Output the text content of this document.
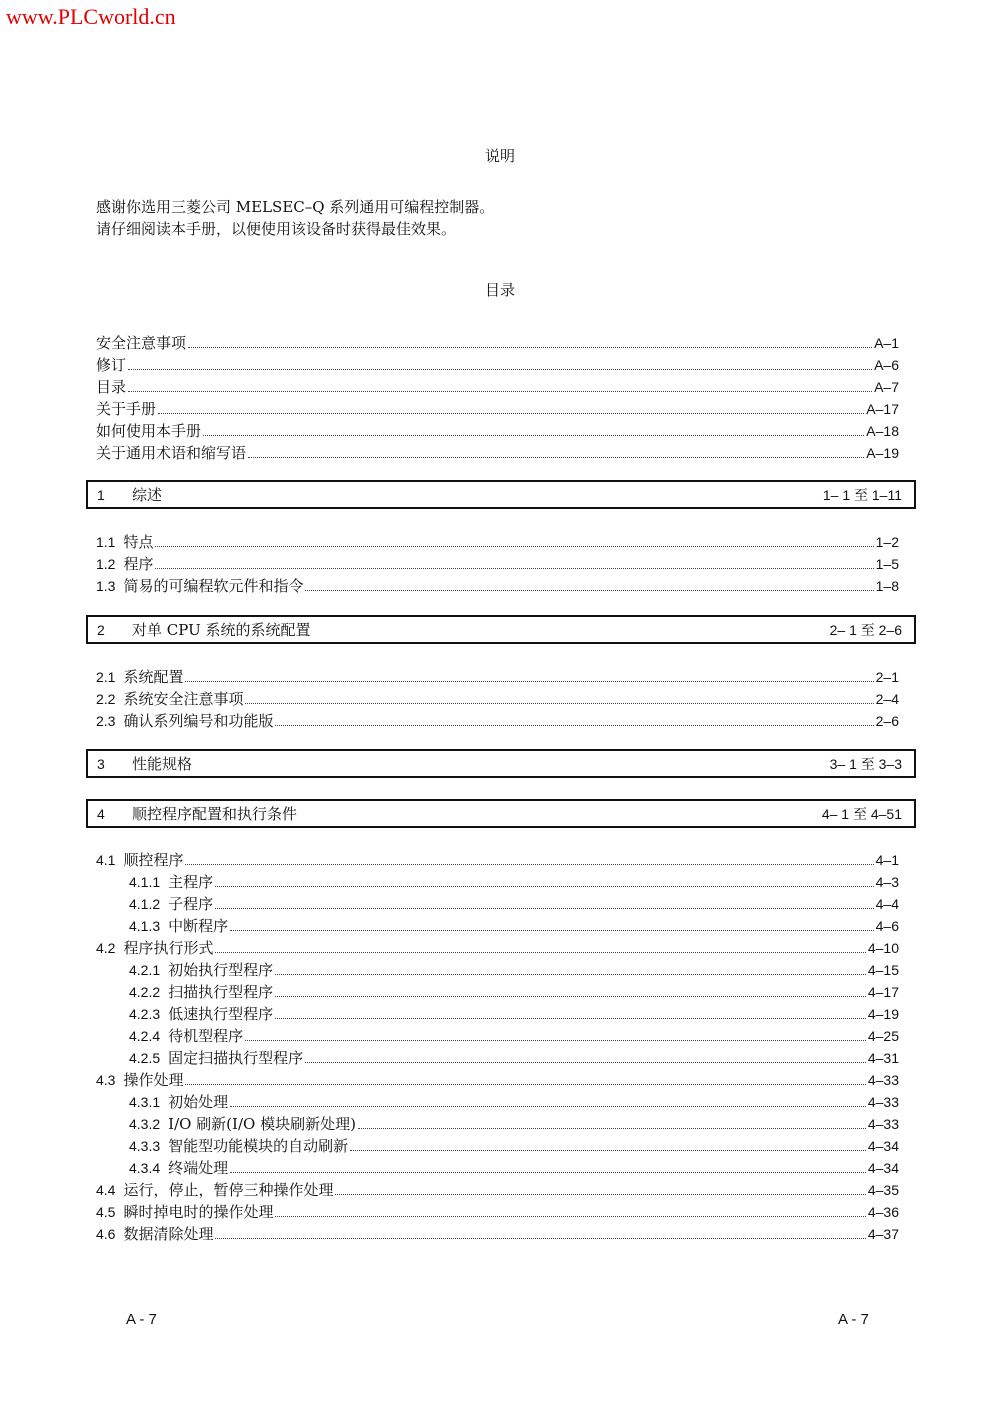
www.PLCworld.cn
说明
感谢你选用三菱公司 MELSEC–Q 系列通用可编程控制器。
请仔细阅读本手册，以便使用该设备时获得最佳效果。
目录
安全注意事项	A–1
修订	A–6
目录	A–7
关于手册	A–17
如何使用本手册	A–18
关于通用术语和缩写语	A–19
1	综述	1– 1 至 1–11
1.1 特点	1–2
1.2 程序	1–5
1.3 简易的可编程软元件和指令	1–8
2	对单 CPU 系统的系统配置	2– 1 至 2–6
2.1 系统配置	2–1
2.2 系统安全注意事项	2–4
2.3 确认系列编号和功能版	2–6
3	性能规格	3– 1 至 3–3
4	顺控程序配置和执行条件	4– 1 至 4–51
4.1 顺控程序	4–1
4.1.1 主程序	4–3
4.1.2 子程序	4–4
4.1.3 中断程序	4–6
4.2 程序执行形式	4–10
4.2.1 初始执行型程序	4–15
4.2.2 扫描执行型程序	4–17
4.2.3 低速执行型程序	4–19
4.2.4 待机型程序	4–25
4.2.5 固定扫描执行型程序	4–31
4.3 操作处理	4–33
4.3.1 初始处理	4–33
4.3.2 I/O 刷新(I/O 模块刷新处理)	4–33
4.3.3 智能型功能模块的自动刷新	4–34
4.3.4 终端处理	4–34
4.4 运行，停止，暂停三种操作处理	4–35
4.5 瞬时掉电时的操作处理	4–36
4.6 数据清除处理	4–37
A - 7	A - 7
